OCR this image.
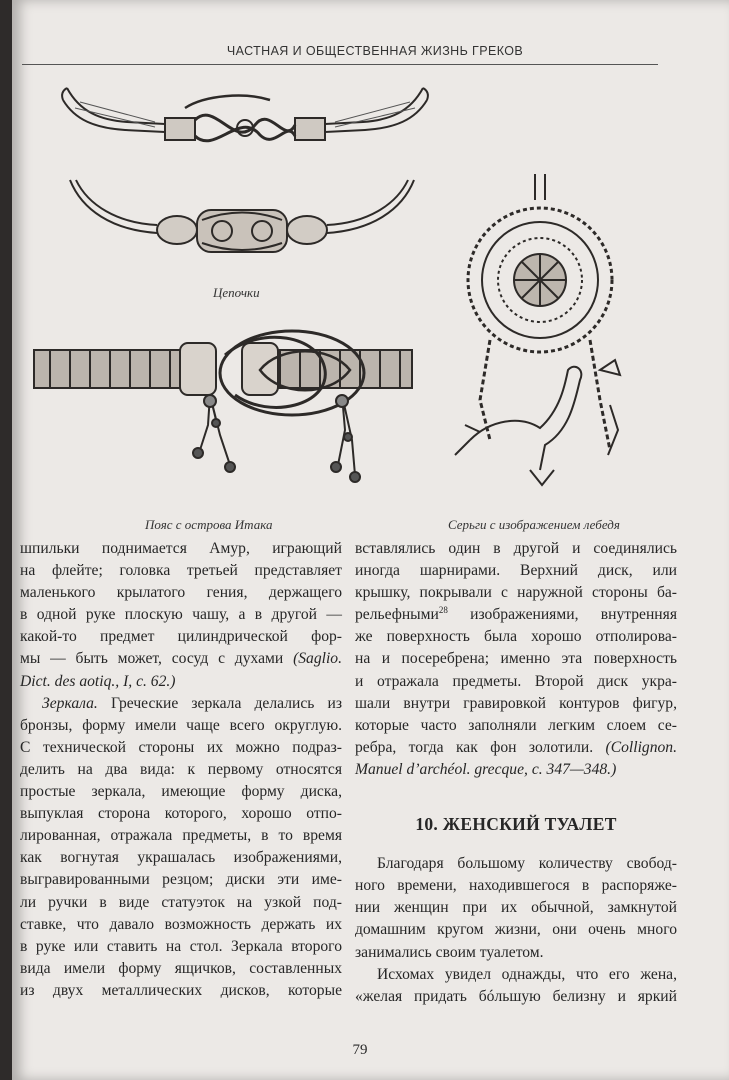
ЧАСТНАЯ И ОБЩЕСТВЕННАЯ ЖИЗНЬ ГРЕКОВ
Цепочки
Пояс с острова Итака	Серьги с изображением лебедя

шпильки поднимается Амур, играющий
на флейте; головка третьей представляет
маленького крылатого гения, держащего
в одной руке плоскую чашу, а в другой —
какой-то предмет цилиндрической фор-
мы — быть может, сосуд с духами (Saglio.
Dict. des aotiq., I, с. 62.)

Зеркала. Греческие зеркала делались из

бронзы, форму имели чаще всего округлую.
С технической стороны их можно подраз-
делить на два вида: к первому относятся
простые зеркала, имеющие форму диска,
выпуклая сторона которого, хорошо отпо-
лированная, отражала предметы, в то время
как вогнутая украшалась изображениями,
выгравированными резцом; диски эти име-
ли ручки в виде статуэток на узкой под-
ставке, что давало возможность держать их
в руке или ставить на стол. Зеркала второго
вида имели форму ящичков, составленных
из двух металлических дисков, которые

вставлялись один в другой и соединялись
иногда шарнирами. Верхний диск, или
крышку, покрывали с наружной стороны ба-
рельефными$^{28}$ изображениями, внутренняя
же поверхность была хорошо отполирова-
на и посеребрена; именно эта поверхность
и отражала предметы. Второй диск укра-
шали внутри гравировкой контуров фигур,
которые часто заполняли легким слоем се-
ребра, тогда как фон золотили. (Collignon.
Manuel d’archéol. grecque, с. 347—348.)

10. ЖЕНСКИЙ ТУАЛЕТ

Благодаря большому количеству свобод-

ного времени, находившегося в распоряже-
нии женщин при их обычной, замкнутой
домашним кругом жизни, они очень много
занимались своим туалетом.

Исхомах увидел однажды, что его жена,

«желая придать бóльшую белизну и яркий

79
